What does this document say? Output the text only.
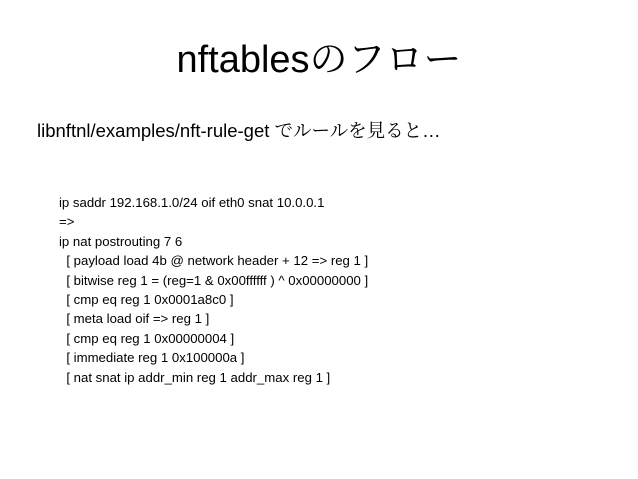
nftablesのフロー
libnftnl/examples/nft-rule-get でルールを見ると…
ip saddr 192.168.1.0/24 oif eth0 snat 10.0.0.1
=>
ip nat postrouting 7 6
[ payload load 4b @ network header + 12 => reg 1 ]
[ bitwise reg 1 = (reg=1 & 0x00ffffff ) ^ 0x00000000 ]
[ cmp eq reg 1 0x0001a8c0 ]
[ meta load oif => reg 1 ]
[ cmp eq reg 1 0x00000004 ]
[ immediate reg 1 0x100000a ]
[ nat snat ip addr_min reg 1 addr_max reg 1 ]
